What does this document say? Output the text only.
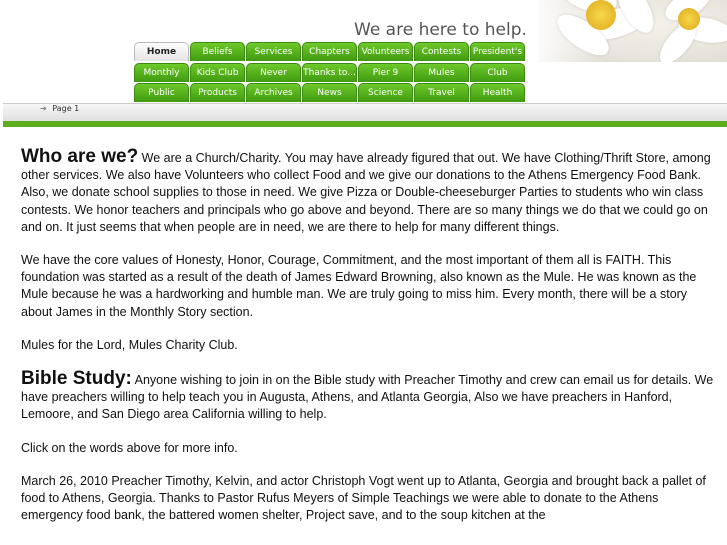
We are here to help.
Home	Beliefs	Services	Chapters	Volunteers	Contests	President's
Monthly	Kids Club	Never	Thanks to...	Pier 9	Mules	Club
Public	Products	Archives	News	Science	Travel	Health
➔ Page 1

Who are we? We are a Church/Charity. You may have already figured that out. We have Clothing/Thrift Store, among other services. We also have Volunteers who collect Food and we give our donations to the Athens Emergency Food Bank. Also, we donate school supplies to those in need. We give Pizza or Double-cheeseburger Parties to students who win class contests. We honor teachers and principals who go above and beyond. There are so many things we do that we could go on and on. It just seems that when people are in need, we are there to help for many different things.

We have the core values of Honesty, Honor, Courage, Commitment, and the most important of them all is FAITH. This foundation was started as a result of the death of James Edward Browning, also known as the Mule. He was known as the Mule because he was a hardworking and humble man. We are truly going to miss him. Every month, there will be a story about James in the Monthly Story section.

Mules for the Lord, Mules Charity Club.

Bible Study: Anyone wishing to join in on the Bible study with Preacher Timothy and crew can email us for details. We have preachers willing to help teach you in Augusta, Athens, and Atlanta Georgia, Also we have preachers in Hanford, Lemoore, and San Diego area California willing to help.

Click on the words above for more info.

March 26, 2010 Preacher Timothy, Kelvin, and actor Christoph Vogt went up to Atlanta, Georgia and brought back a pallet of food to Athens, Georgia. Thanks to Pastor Rufus Meyers of Simple Teachings we were able to donate to the Athens emergency food bank, the battered women shelter, Project save, and to the soup kitchen at the
